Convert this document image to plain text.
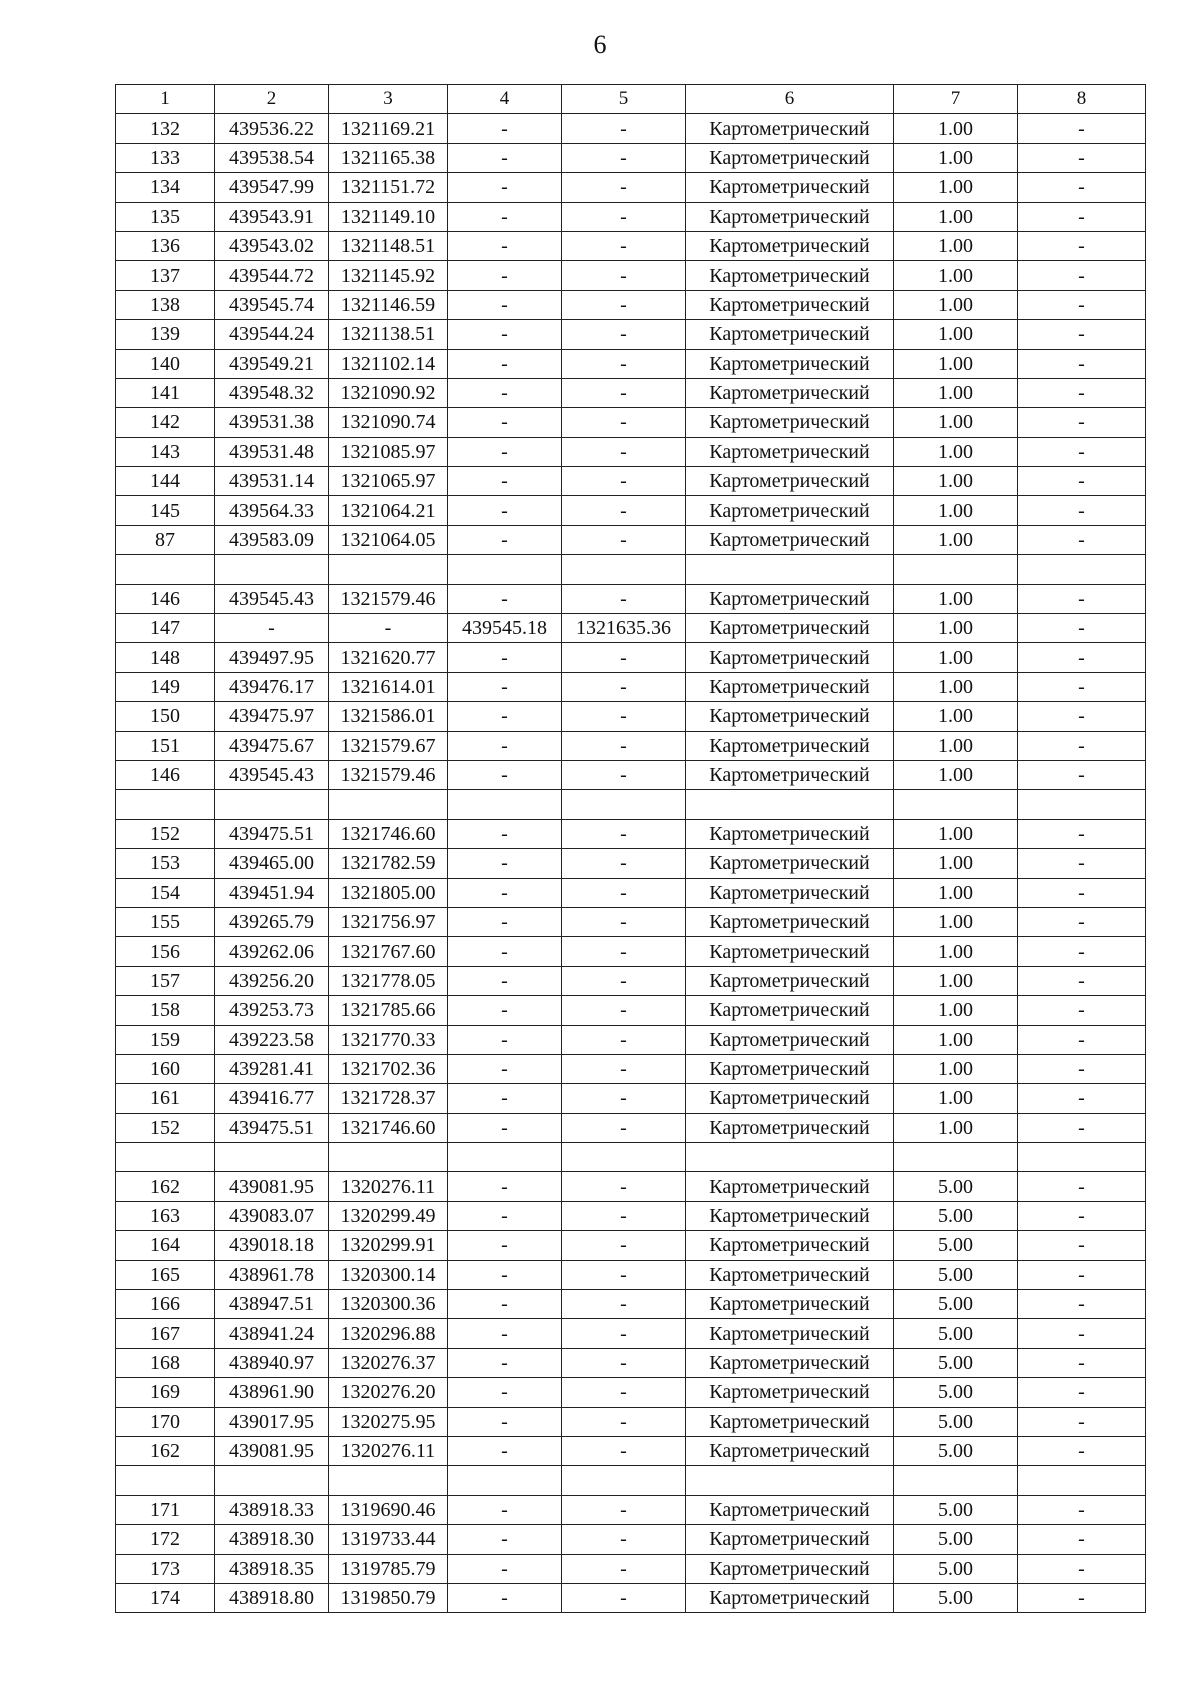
6
1	2	3	4	5	6	7	8
132	439536.22	1321169.21	-	-	Картометрический	1.00	-
133	439538.54	1321165.38	-	-	Картометрический	1.00	-
134	439547.99	1321151.72	-	-	Картометрический	1.00	-
135	439543.91	1321149.10	-	-	Картометрический	1.00	-
136	439543.02	1321148.51	-	-	Картометрический	1.00	-
137	439544.72	1321145.92	-	-	Картометрический	1.00	-
138	439545.74	1321146.59	-	-	Картометрический	1.00	-
139	439544.24	1321138.51	-	-	Картометрический	1.00	-
140	439549.21	1321102.14	-	-	Картометрический	1.00	-
141	439548.32	1321090.92	-	-	Картометрический	1.00	-
142	439531.38	1321090.74	-	-	Картометрический	1.00	-
143	439531.48	1321085.97	-	-	Картометрический	1.00	-
144	439531.14	1321065.97	-	-	Картометрический	1.00	-
145	439564.33	1321064.21	-	-	Картометрический	1.00	-
87	439583.09	1321064.05	-	-	Картометрический	1.00	-

146	439545.43	1321579.46	-	-	Картометрический	1.00	-
147	-	-	439545.18	1321635.36	Картометрический	1.00	-
148	439497.95	1321620.77	-	-	Картометрический	1.00	-
149	439476.17	1321614.01	-	-	Картометрический	1.00	-
150	439475.97	1321586.01	-	-	Картометрический	1.00	-
151	439475.67	1321579.67	-	-	Картометрический	1.00	-
146	439545.43	1321579.46	-	-	Картометрический	1.00	-

152	439475.51	1321746.60	-	-	Картометрический	1.00	-
153	439465.00	1321782.59	-	-	Картометрический	1.00	-
154	439451.94	1321805.00	-	-	Картометрический	1.00	-
155	439265.79	1321756.97	-	-	Картометрический	1.00	-
156	439262.06	1321767.60	-	-	Картометрический	1.00	-
157	439256.20	1321778.05	-	-	Картометрический	1.00	-
158	439253.73	1321785.66	-	-	Картометрический	1.00	-
159	439223.58	1321770.33	-	-	Картометрический	1.00	-
160	439281.41	1321702.36	-	-	Картометрический	1.00	-
161	439416.77	1321728.37	-	-	Картометрический	1.00	-
152	439475.51	1321746.60	-	-	Картометрический	1.00	-

162	439081.95	1320276.11	-	-	Картометрический	5.00	-
163	439083.07	1320299.49	-	-	Картометрический	5.00	-
164	439018.18	1320299.91	-	-	Картометрический	5.00	-
165	438961.78	1320300.14	-	-	Картометрический	5.00	-
166	438947.51	1320300.36	-	-	Картометрический	5.00	-
167	438941.24	1320296.88	-	-	Картометрический	5.00	-
168	438940.97	1320276.37	-	-	Картометрический	5.00	-
169	438961.90	1320276.20	-	-	Картометрический	5.00	-
170	439017.95	1320275.95	-	-	Картометрический	5.00	-
162	439081.95	1320276.11	-	-	Картометрический	5.00	-

171	438918.33	1319690.46	-	-	Картометрический	5.00	-
172	438918.30	1319733.44	-	-	Картометрический	5.00	-
173	438918.35	1319785.79	-	-	Картометрический	5.00	-
174	438918.80	1319850.79	-	-	Картометрический	5.00	-
